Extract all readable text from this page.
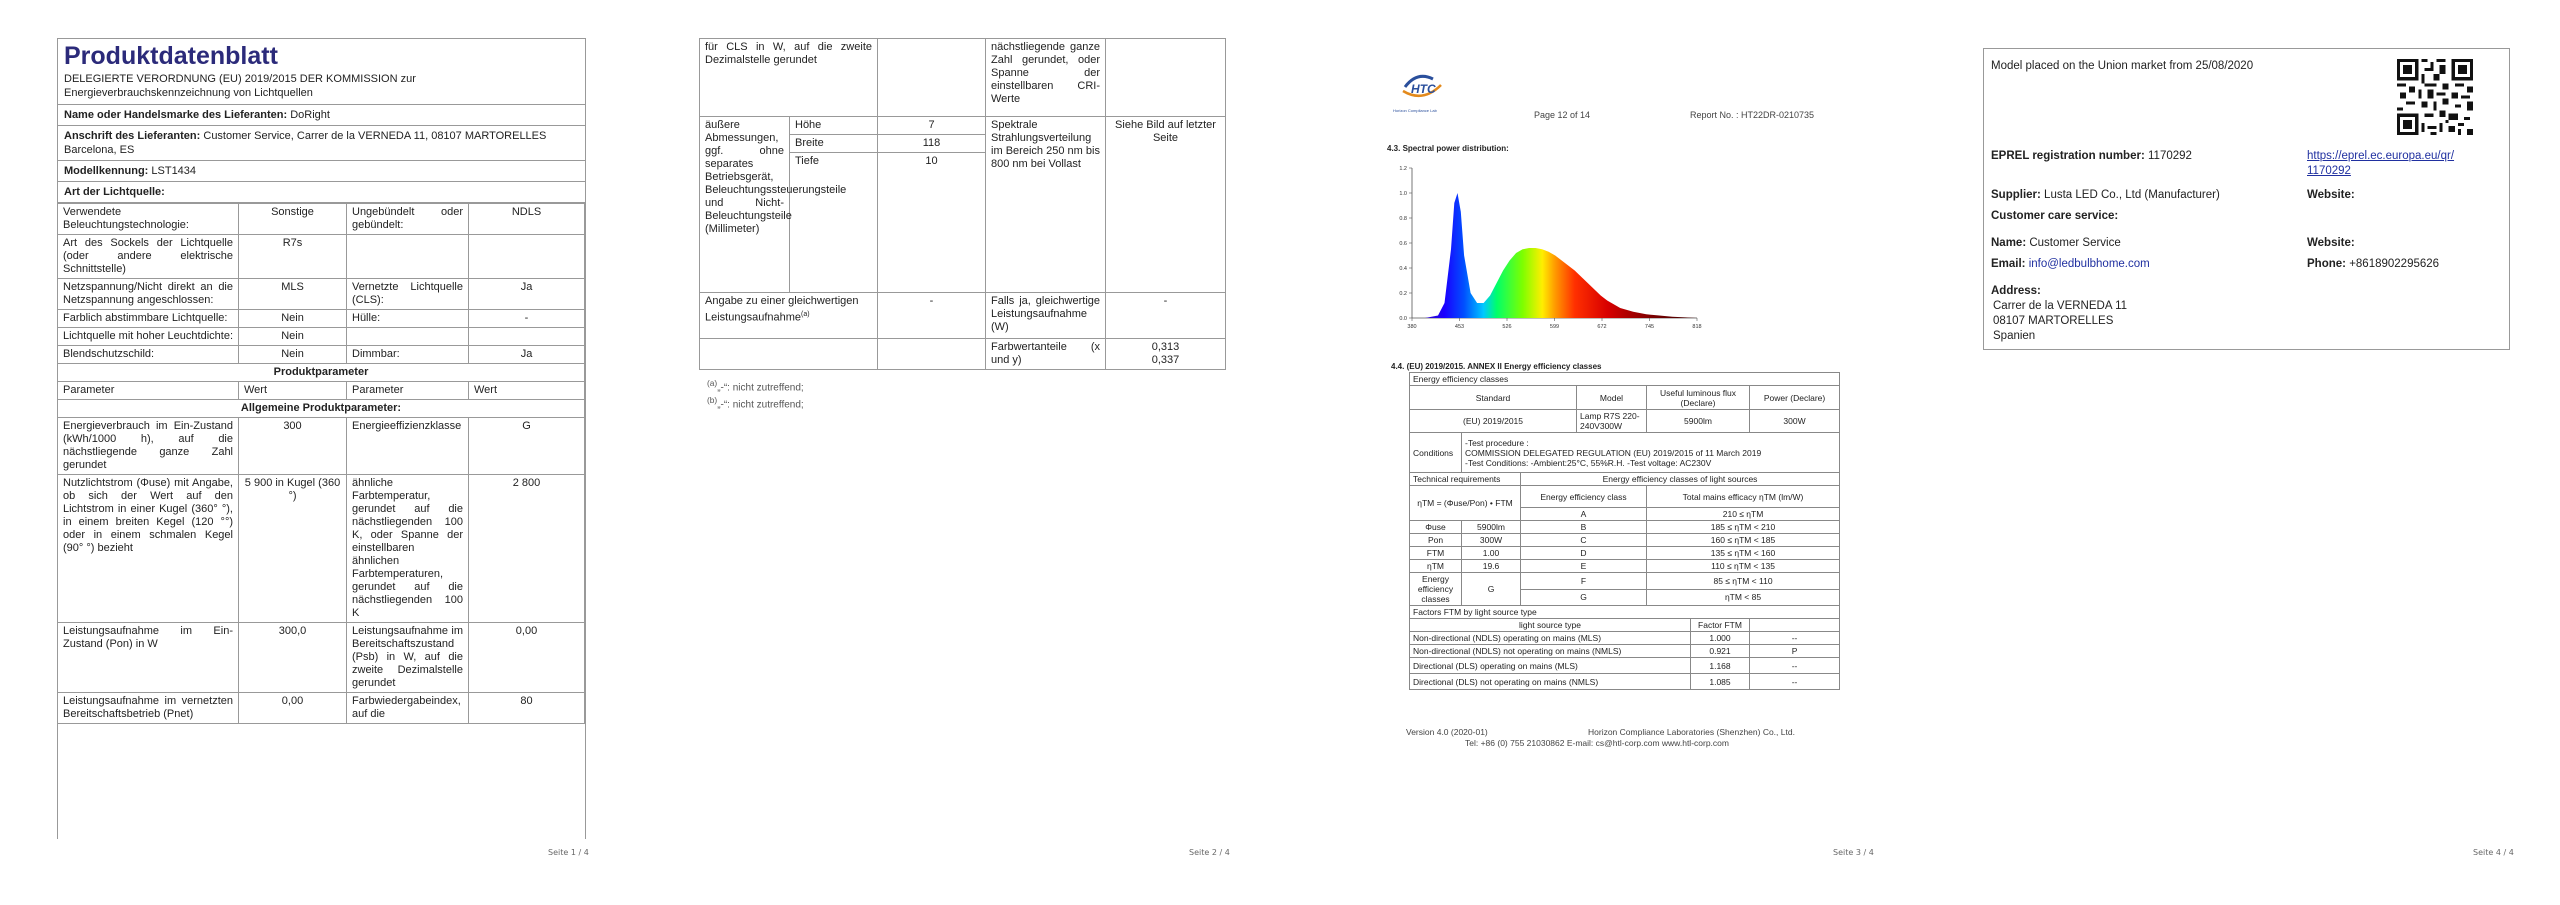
Produktdatenblatt
DELEGIERTE VERORDNUNG (EU) 2019/2015 DER KOMMISSION zur Energieverbrauchskennzeichnung von Lichtquellen
Name oder Handelsmarke des Lieferanten: DoRight
Anschrift des Lieferanten: Customer Service, Carrer de la VERNEDA 11, 08107 MARTORELLES Barcelona, ES
Modellkennung: LST1434
Art der Lichtquelle:
Verwendete Beleuchtungstechnologie:	Sonstige	Ungebündelt oder gebündelt:	NDLS
Art des Sockels der Lichtquelle (oder andere elektrische Schnittstelle)	R7s		
Netzspannung/Nicht direkt an die Netzspannung angeschlossen:	MLS	Vernetzte Lichtquelle (CLS):	Ja
Farblich abstimmbare Lichtquelle:	Nein	Hülle:	-
Lichtquelle mit hoher Leuchtdichte:	Nein		
Blendschutzschild:	Nein	Dimmbar:	Ja
Produktparameter			
Parameter	Wert	Parameter	Wert
Allgemeine Produktparameter:			
Energieverbrauch im Ein-Zustand (kWh/1000 h), auf die nächstliegende ganze Zahl gerundet	300	Energieeffizienzklasse	G
Nutzlichtstrom (Φuse) mit Angabe, ob sich der Wert auf den Lichtstrom in einer Kugel (360° °), in einem breiten Kegel (120 °°) oder in einem schmalen Kegel (90° °) bezieht	5 900 in Kugel (360 °)	ähnliche Farbtemperatur, gerundet auf die nächstliegenden 100 K, oder Spanne der einstellbaren ähnlichen Farbtemperaturen, gerundet auf die nächstliegenden 100 K	2 800
Leistungsaufnahme im Ein-Zustand (Pon) in W	300,0	Leistungsaufnahme im Bereitschaftszustand (Psb) in W, auf die zweite Dezimalstelle gerundet	0,00
Leistungsaufnahme im vernetzten Bereitschaftsbetrieb (Pnet)	0,00	Farbwiedergabeindex, auf die	80
Seite 1 / 4
für CLS in W, auf die zweite Dezimalstelle gerundet			nächstliegende ganze Zahl gerundet, oder Spanne der einstellbaren CRI-Werte	
äußere Abmessungen, ggf. ohne separates Betriebsgerät, Beleuchtungssteuerungsteile und Nicht-Beleuchtungsteile (Millimeter)	Höhe	7	Spektrale Strahlungsverteilung im Bereich 250 nm bis 800 nm bei Vollast	Siehe Bild auf letzter Seite
	Breite	118		
	Tiefe	10		
Angabe zu einer gleichwertigen Leistungsaufnahme$^{(a)}$		-	Falls ja, gleichwertige Leistungsaufnahme (W)	-
			Farbwertanteile (x und y)	0,313
0,337
$^{(a)}$„-“: nicht zutreffend;
$^{(b)}$„-“: nicht zutreffend;
Seite 2 / 4
HTC
Horizon Compliance Lab	Page 12 of 14	Report No. : HT22DR-0210735
4.3. Spectral power distribution:
0.0
0.2
0.4
0.6
0.8
1.0
1.2
380	453	526	599	672	745	818
4.4. (EU) 2019/2015. ANNEX II Energy efficiency classes
Energy efficiency classes						
Standard			Model	Useful luminous flux (Declare)		Power (Declare)
(EU) 2019/2015			Lamp R7S 220-240V300W	5900lm		300W
Conditions	-Test procedure :
COMMISSION DELEGATED REGULATION (EU) 2019/2015 of 11 March 2019
-Test Conditions: -Ambient:25°C, 55%R.H. -Test voltage: AC230V					

Technical requirements		Energy efficiency classes of light sources				
ηTM = (Φuse/Pon) • FTM		Energy efficiency class		Total mains efficacy ηTM (lm/W)		
		A		210 ≤ ηTM		
Φuse	5900lm	B		185 ≤ ηTM < 210		
Pon	300W	C		160 ≤ ηTM < 185		
FTM	1.00	D		135 ≤ ηTM < 160		
ηTM	19.6	E		110 ≤ ηTM < 135		
Energy efficiency classes	G	F		85 ≤ ηTM < 110		
		G		ηTM < 85		
Factors FTM by light source type						
light source type					Factor FTM	
Non-directional (NDLS) operating on mains (MLS)					1.000	--
Non-directional (NDLS) not operating on mains (NMLS)					0.921	P
Directional (DLS) operating on mains (MLS)					1.168	--
Directional (DLS) not operating on mains (NMLS)					1.085	--
Version 4.0 (2020-01)	Horizon Compliance Laboratories (Shenzhen) Co., Ltd.
Tel: +86 (0) 755 21030862 E-mail: cs@htl-corp.com www.htl-corp.com
Seite 3 / 4
Model placed on the Union market from 25/08/2020
EPREL registration number: 1170292	https://eprel.ec.europa.eu/qr/1170292
Supplier: Lusta LED Co., Ltd (Manufacturer)	Website:
Customer care service:
Name: Customer Service	Website:
Email: info@ledbulbhome.com	Phone: +8618902295626
Address:
Carrer de la VERNEDA 11
08107 MARTORELLES
Spanien
Seite 4 / 4
